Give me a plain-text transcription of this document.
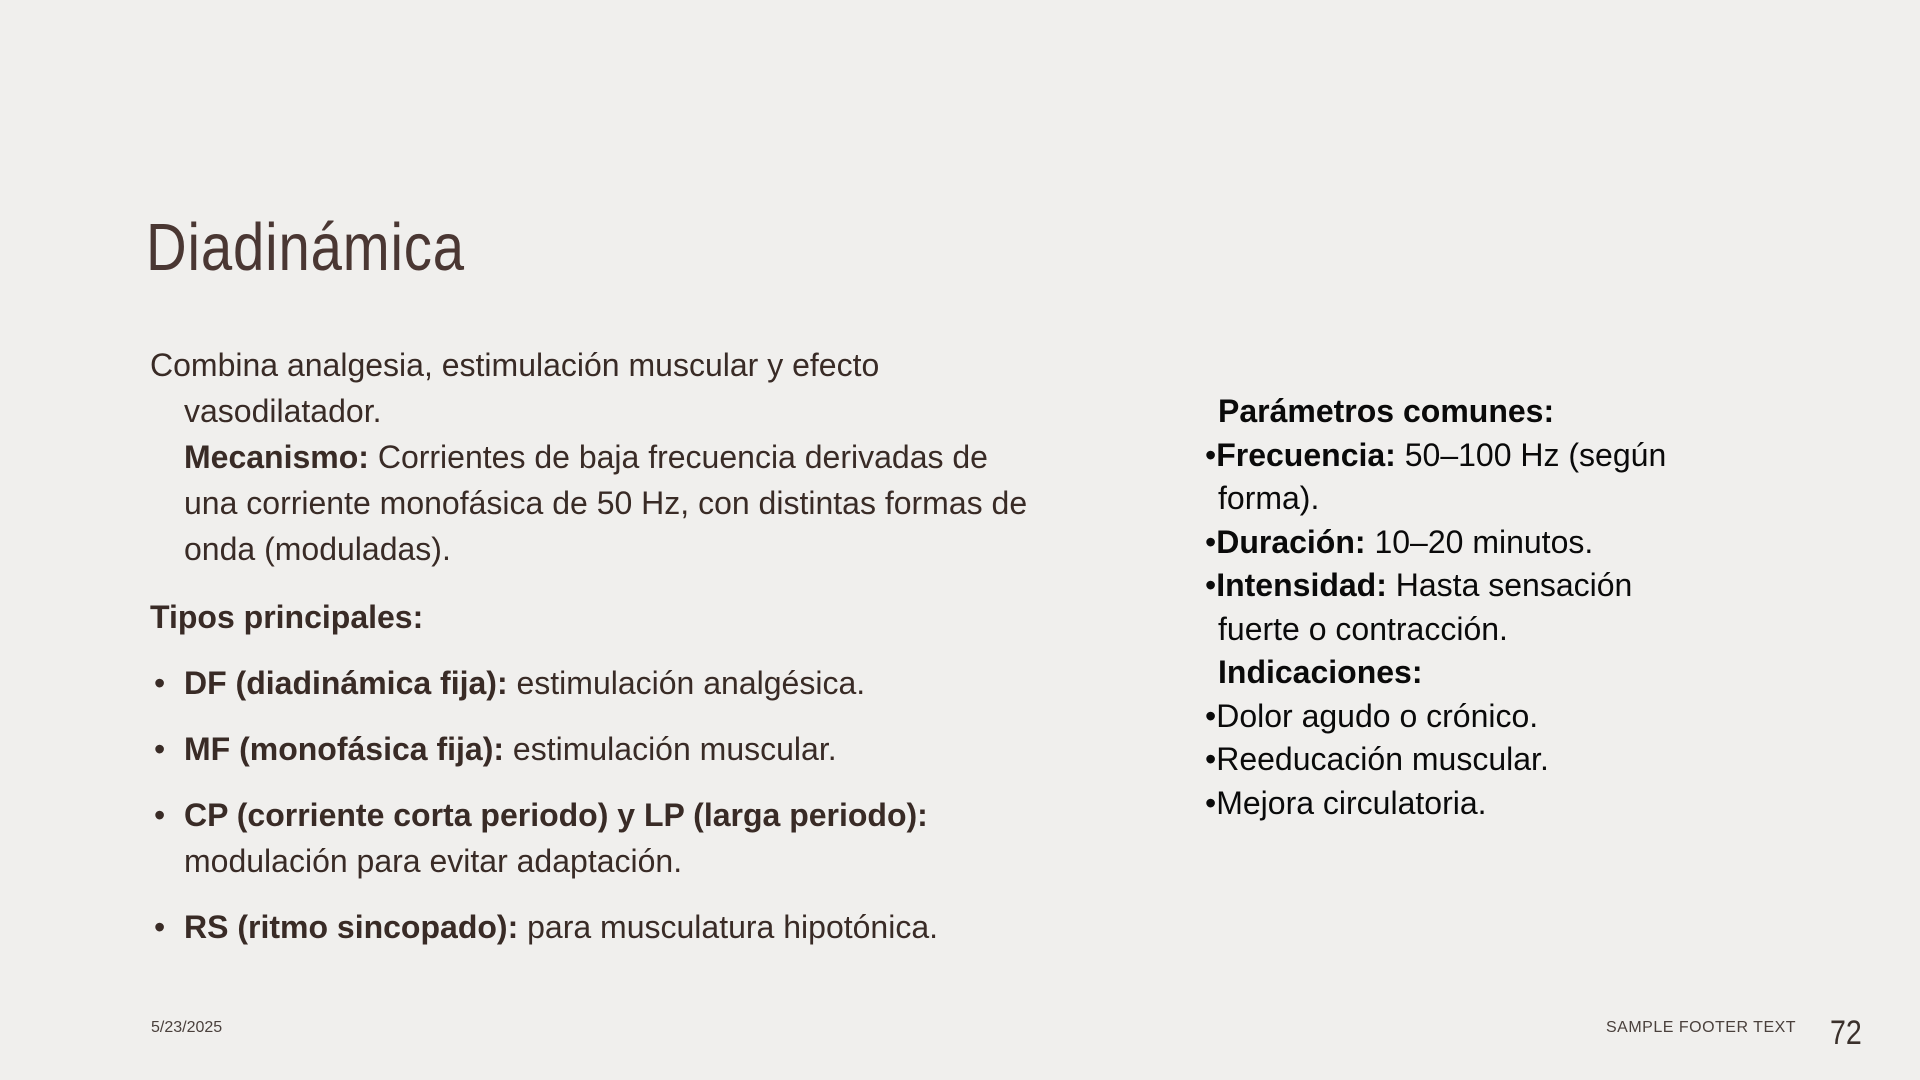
Diadinámica
Combina analgesia, estimulación muscular y efecto
vasodilatador.
Mecanismo: Corrientes de baja frecuencia derivadas de
una corriente monofásica de 50 Hz, con distintas formas de
onda (moduladas).
Tipos principales:
• DF (diadinámica fija): estimulación analgésica.
• MF (monofásica fija): estimulación muscular.
• CP (corriente corta periodo) y LP (larga periodo):
modulación para evitar adaptación.
• RS (ritmo sincopado): para musculatura hipotónica.
Parámetros comunes:
•Frecuencia: 50–100 Hz (según
forma).
•Duración: 10–20 minutos.
•Intensidad: Hasta sensación
fuerte o contracción.
Indicaciones:
•Dolor agudo o crónico.
•Reeducación muscular.
•Mejora circulatoria.
5/23/2025	SAMPLE FOOTER TEXT 72
